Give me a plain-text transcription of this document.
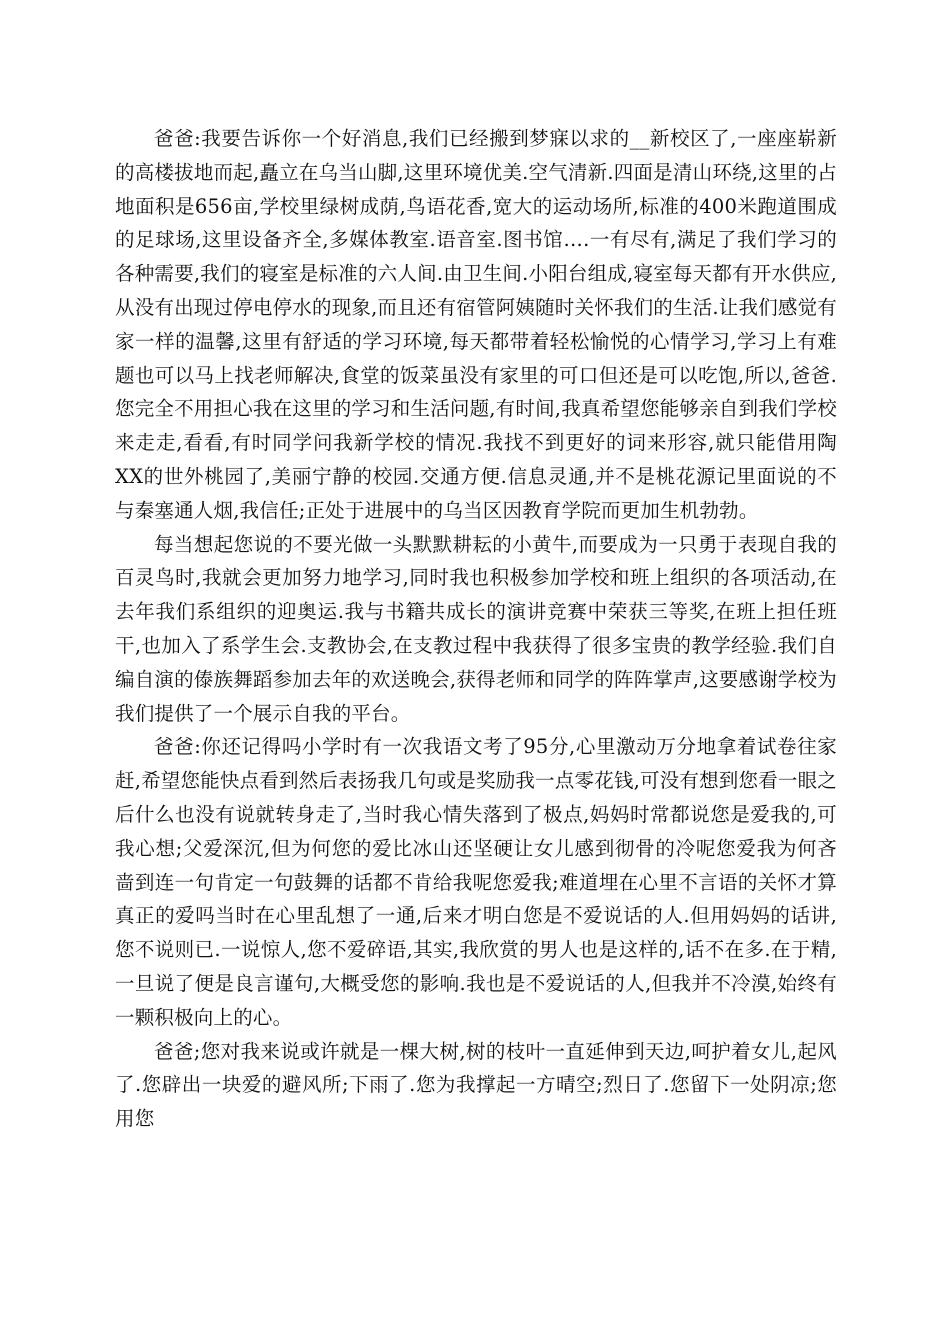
爸爸:我要告诉你一个好消息,我们已经搬到梦寐以求的__新校区了,一座座崭新的高楼拔地而起,矗立在乌当山脚,这里环境优美.空气清新.四面是清山环绕,这里的占地面积是656亩,学校里绿树成荫,鸟语花香,宽大的运动场所,标准的400米跑道围成的足球场,这里设备齐全,多媒体教室.语音室.图书馆….一有尽有,满足了我们学习的各种需要,我们的寝室是标准的六人间.由卫生间.小阳台组成,寝室每天都有开水供应,从没有出现过停电停水的现象,而且还有宿管阿姨随时关怀我们的生活.让我们感觉有家一样的温馨,这里有舒适的学习环境,每天都带着轻松愉悦的心情学习,学习上有难题也可以马上找老师解决,食堂的饭菜虽没有家里的可口但还是可以吃饱,所以,爸爸.您完全不用担心我在这里的学习和生活问题,有时间,我真希望您能够亲自到我们学校来走走,看看,有时同学问我新学校的情况.我找不到更好的词来形容,就只能借用陶XX的世外桃园了,美丽宁静的校园.交通方便.信息灵通,并不是桃花源记里面说的不与秦塞通人烟,我信任;正处于进展中的乌当区因教育学院而更加生机勃勃。

每当想起您说的不要光做一头默默耕耘的小黄牛,而要成为一只勇于表现自我的百灵鸟时,我就会更加努力地学习,同时我也积极参加学校和班上组织的各项活动,在去年我们系组织的迎奥运.我与书籍共成长的演讲竞赛中荣获三等奖,在班上担任班干,也加入了系学生会.支教协会,在支教过程中我获得了很多宝贵的教学经验.我们自编自演的傣族舞蹈参加去年的欢送晚会,获得老师和同学的阵阵掌声,这要感谢学校为我们提供了一个展示自我的平台。

爸爸:你还记得吗小学时有一次我语文考了95分,心里激动万分地拿着试卷往家赶,希望您能快点看到然后表扬我几句或是奖励我一点零花钱,可没有想到您看一眼之后什么也没有说就转身走了,当时我心情失落到了极点,妈妈时常都说您是爱我的,可我心想;父爱深沉,但为何您的爱比冰山还坚硬让女儿感到彻骨的冷呢您爱我为何吝啬到连一句肯定一句鼓舞的话都不肯给我呢您爱我;难道埋在心里不言语的关怀才算真正的爱吗当时在心里乱想了一通,后来才明白您是不爱说话的人.但用妈妈的话讲,您不说则已.一说惊人,您不爱碎语,其实,我欣赏的男人也是这样的,话不在多.在于精,一旦说了便是良言谨句,大概受您的影响.我也是不爱说话的人,但我并不冷漠,始终有一颗积极向上的心。

爸爸;您对我来说或许就是一棵大树,树的枝叶一直延伸到天边,呵护着女儿,起风了.您辟出一块爱的避风所;下雨了.您为我撑起一方晴空;烈日了.您留下一处阴凉;您用您
